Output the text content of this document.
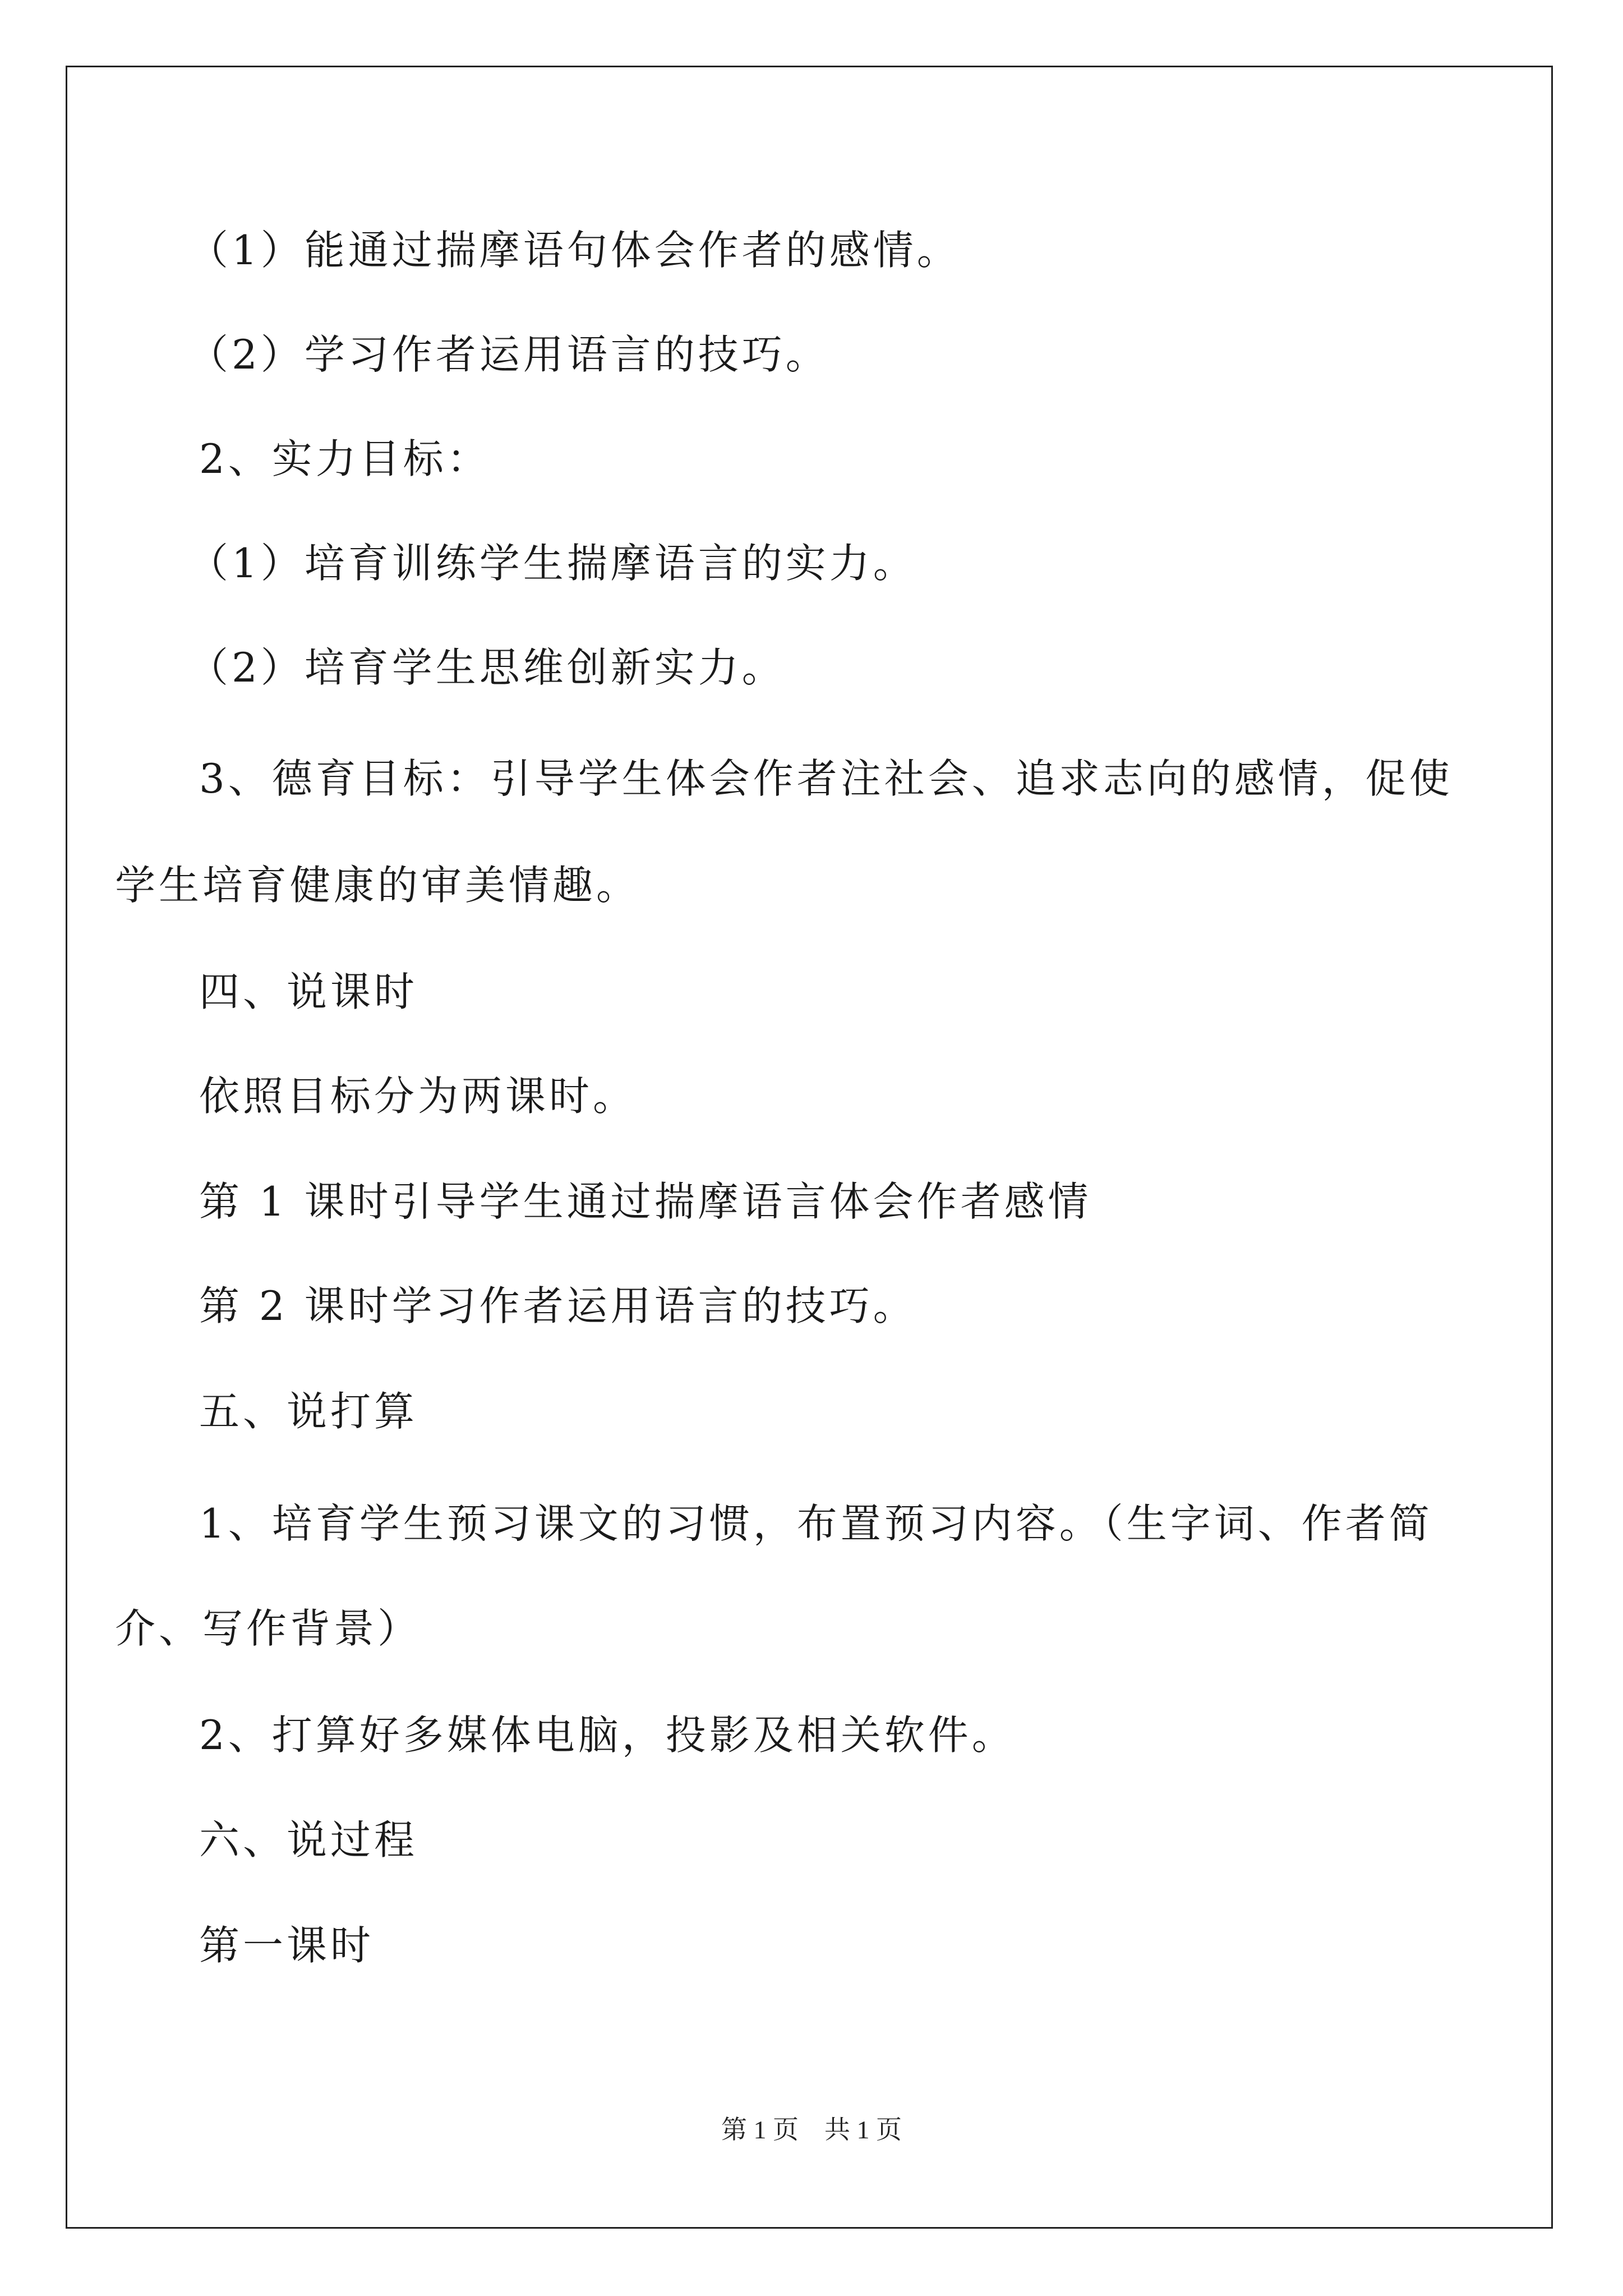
（1）能通过揣摩语句体会作者的感情。
（2）学习作者运用语言的技巧。
2、实力目标：
（1）培育训练学生揣摩语言的实力。
（2）培育学生思维创新实力。
3、德育目标：引导学生体会作者注社会、追求志向的感情，促使
学生培育健康的审美情趣。
四、说课时
依照目标分为两课时。
第 1 课时引导学生通过揣摩语言体会作者感情
第 2 课时学习作者运用语言的技巧。
五、说打算
1、培育学生预习课文的习惯，布置预习内容。（生字词、作者简
介、写作背景）
2、打算好多媒体电脑，投影及相关软件。
六、说过程
第一课时
第 1 页　共 1 页
